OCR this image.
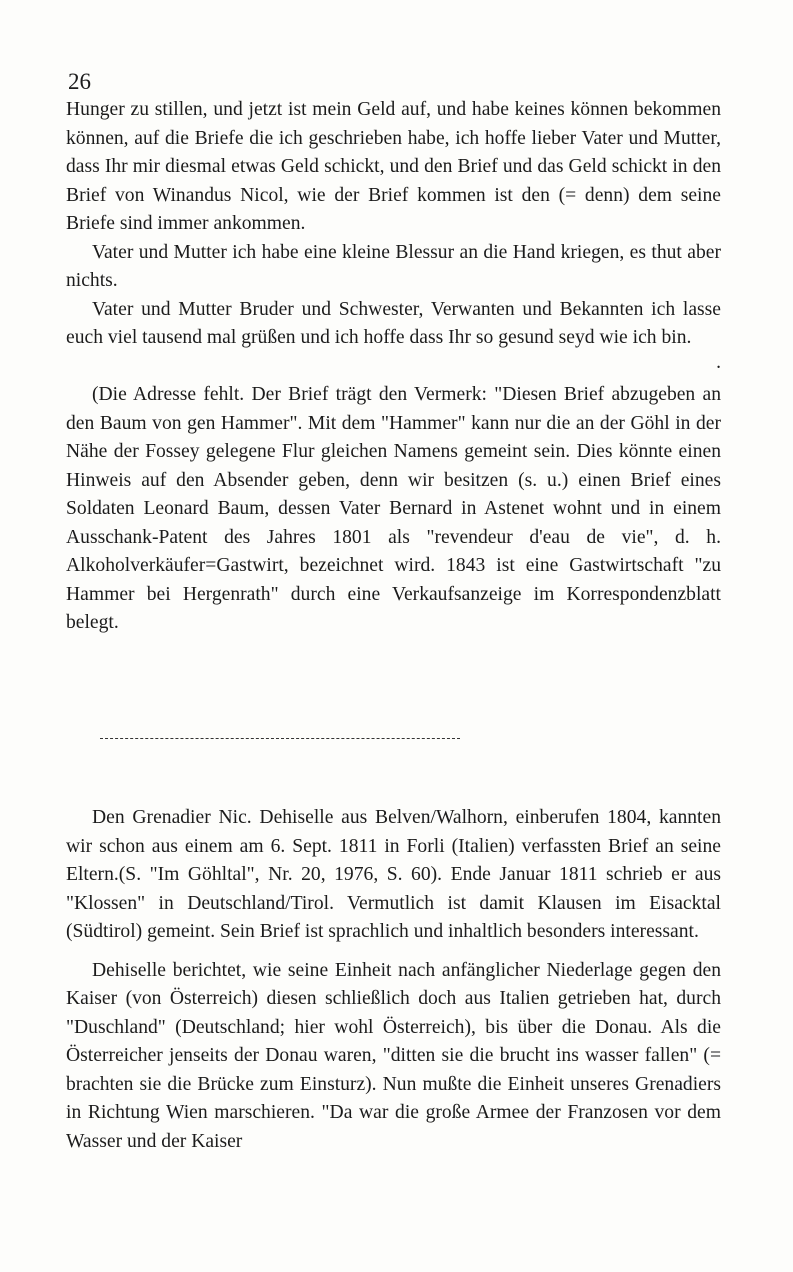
26

Hunger zu stillen, und jetzt ist mein Geld auf, und habe keines können bekommen können, auf die Briefe die ich geschrieben habe, ich hoffe lieber Vater und Mutter, dass Ihr mir diesmal etwas Geld schickt, und den Brief und das Geld schickt in den Brief von Winandus Nicol, wie der Brief kommen ist den (= denn) dem seine Briefe sind immer ankommen.

Vater und Mutter ich habe eine kleine Blessur an die Hand kriegen, es thut aber nichts.

Vater und Mutter Bruder und Schwester, Verwanten und Bekannten ich lasse euch viel tausend mal grüßen und ich hoffe dass Ihr so gesund seyd wie ich bin.

.

(Die Adresse fehlt. Der Brief trägt den Vermerk: "Diesen Brief abzugeben an den Baum von gen Hammer". Mit dem "Hammer" kann nur die an der Göhl in der Nähe der Fossey gelegene Flur gleichen Namens gemeint sein. Dies könnte einen Hinweis auf den Absender geben, denn wir besitzen (s. u.) einen Brief eines Soldaten Leonard Baum, dessen Vater Bernard in Astenet wohnt und in einem Ausschank-Patent des Jahres 1801 als "revendeur d'eau de vie", d. h. Alkoholverkäufer=Gastwirt, bezeichnet wird. 1843 ist eine Gastwirtschaft "zu Hammer bei Hergenrath" durch eine Verkaufsanzeige im Korrespondenzblatt belegt.

Den Grenadier Nic. Dehiselle aus Belven/Walhorn, einberufen 1804, kannten wir schon aus einem am 6. Sept. 1811 in Forli (Italien) verfassten Brief an seine Eltern.(S. "Im Göhltal", Nr. 20, 1976, S. 60). Ende Januar 1811 schrieb er aus "Klossen" in Deutschland/Tirol. Vermutlich ist damit Klausen im Eisacktal (Südtirol) gemeint. Sein Brief ist sprachlich und inhaltlich besonders interessant.

Dehiselle berichtet, wie seine Einheit nach anfänglicher Niederlage gegen den Kaiser (von Österreich) diesen schließlich doch aus Italien getrieben hat, durch "Duschland" (Deutschland; hier wohl Österreich), bis über die Donau. Als die Österreicher jenseits der Donau waren, "ditten sie die brucht ins wasser fallen" (= brachten sie die Brücke zum Einsturz). Nun mußte die Einheit unseres Grenadiers in Richtung Wien marschieren. "Da war die große Armee der Franzosen vor dem Wasser und der Kaiser
